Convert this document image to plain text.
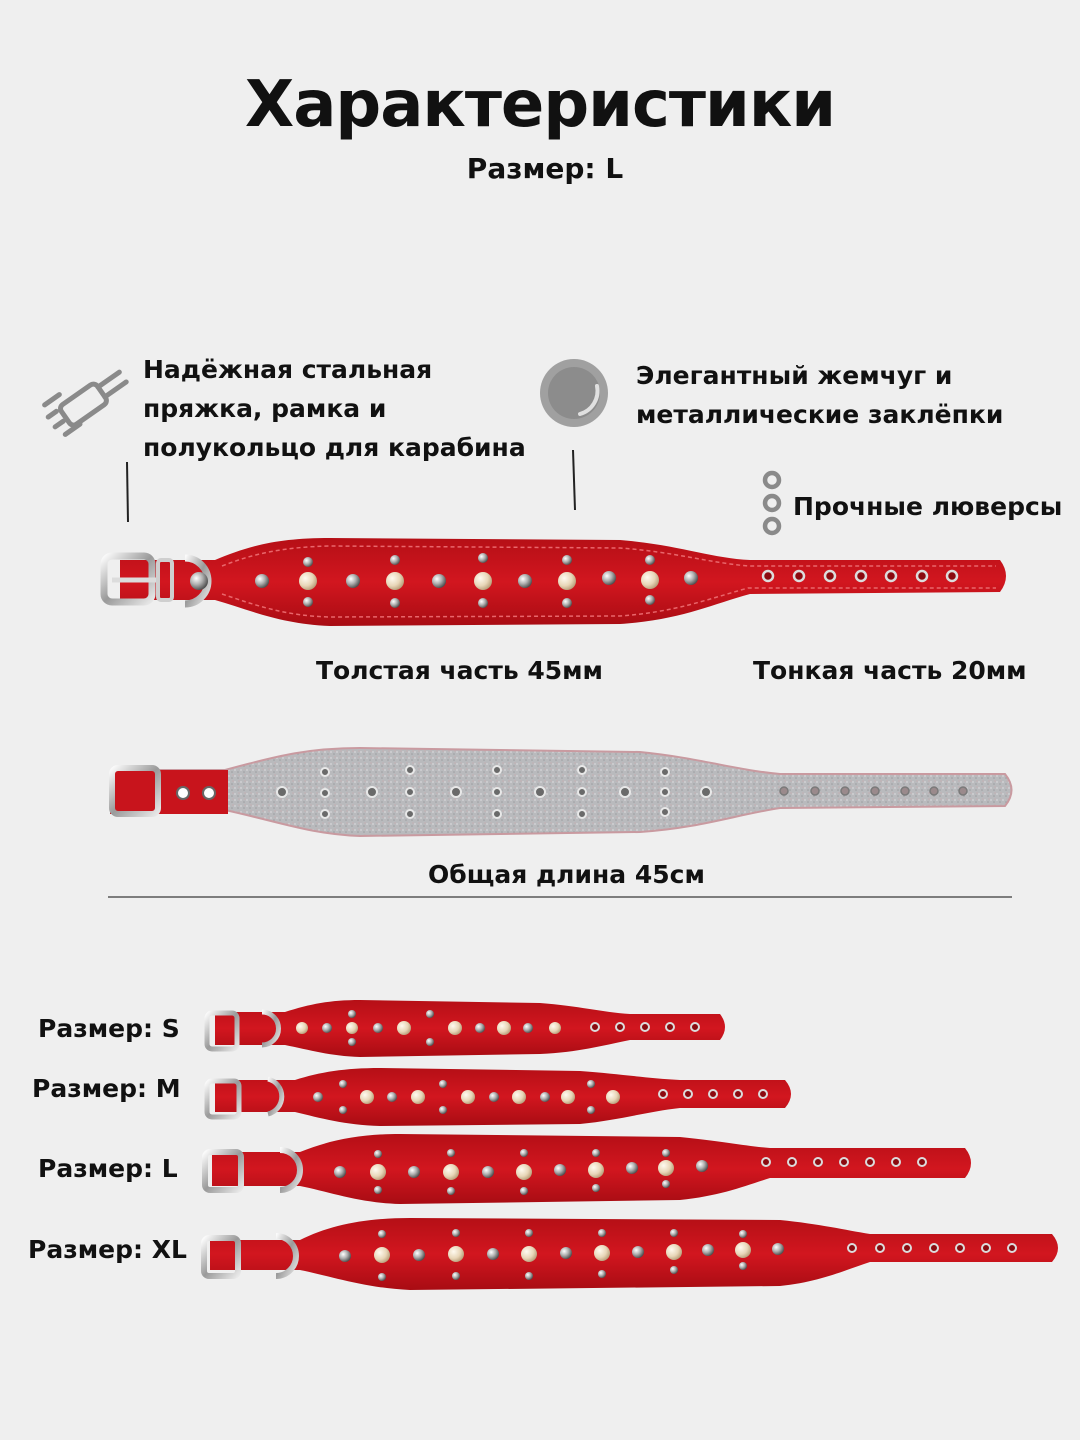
Характеристики
Размер: L
Надёжная стальная
пряжка, рамка и
полукольцо для карабина
Элегантный жемчуг и
металлические заклёпки
Прочные люверсы
Толстая часть 45мм	Тонкая часть 20мм
Общая длина 45см
Размер: S
Размер: M
Размер: L
Размер: XL
